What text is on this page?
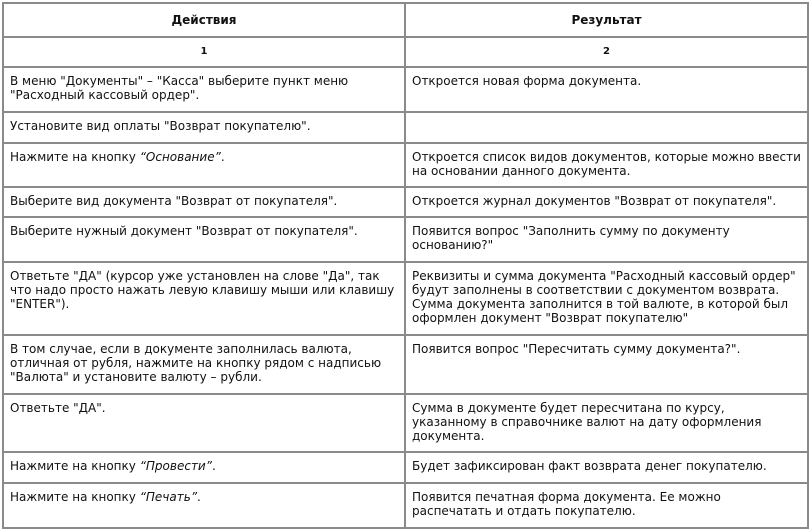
Действия	Результат
1	2
В меню "Документы" – "Касса" выберите пункт меню "Расходный кассовый ордер".	Откроется новая форма документа.
Установите вид оплаты "Возврат покупателю".	
Нажмите на кнопку “Основание”.	Откроется список видов документов, которые можно ввести на основании данного документа.
Выберите вид документа "Возврат от покупателя".	Откроется журнал документов "Возврат от покупателя".
Выберите нужный документ "Возврат от покупателя".	Появится вопрос "Заполнить сумму по документу основанию?"
Ответьте "ДА" (курсор уже установлен на слове "Да", так что надо просто нажать левую клавишу мыши или клавишу "ENTER").	Реквизиты и сумма документа "Расходный кассовый ордер" будут заполнены в соответствии с документом возврата. Сумма документа заполнится в той валюте, в которой был оформлен документ "Возврат покупателю"
В том случае, если в документе заполнилась валюта, отличная от рубля, нажмите на кнопку рядом с надписью "Валюта" и установите валюту – рубли.	Появится вопрос "Пересчитать сумму документа?".
Ответьте "ДА".	Сумма в документе будет пересчитана по курсу, указанному в справочнике валют на дату оформления документа.
Нажмите на кнопку “Провести”.	Будет зафиксирован факт возврата денег покупателю.
Нажмите на кнопку “Печать”.	Появится печатная форма документа. Ее можно распечатать и отдать покупателю.
